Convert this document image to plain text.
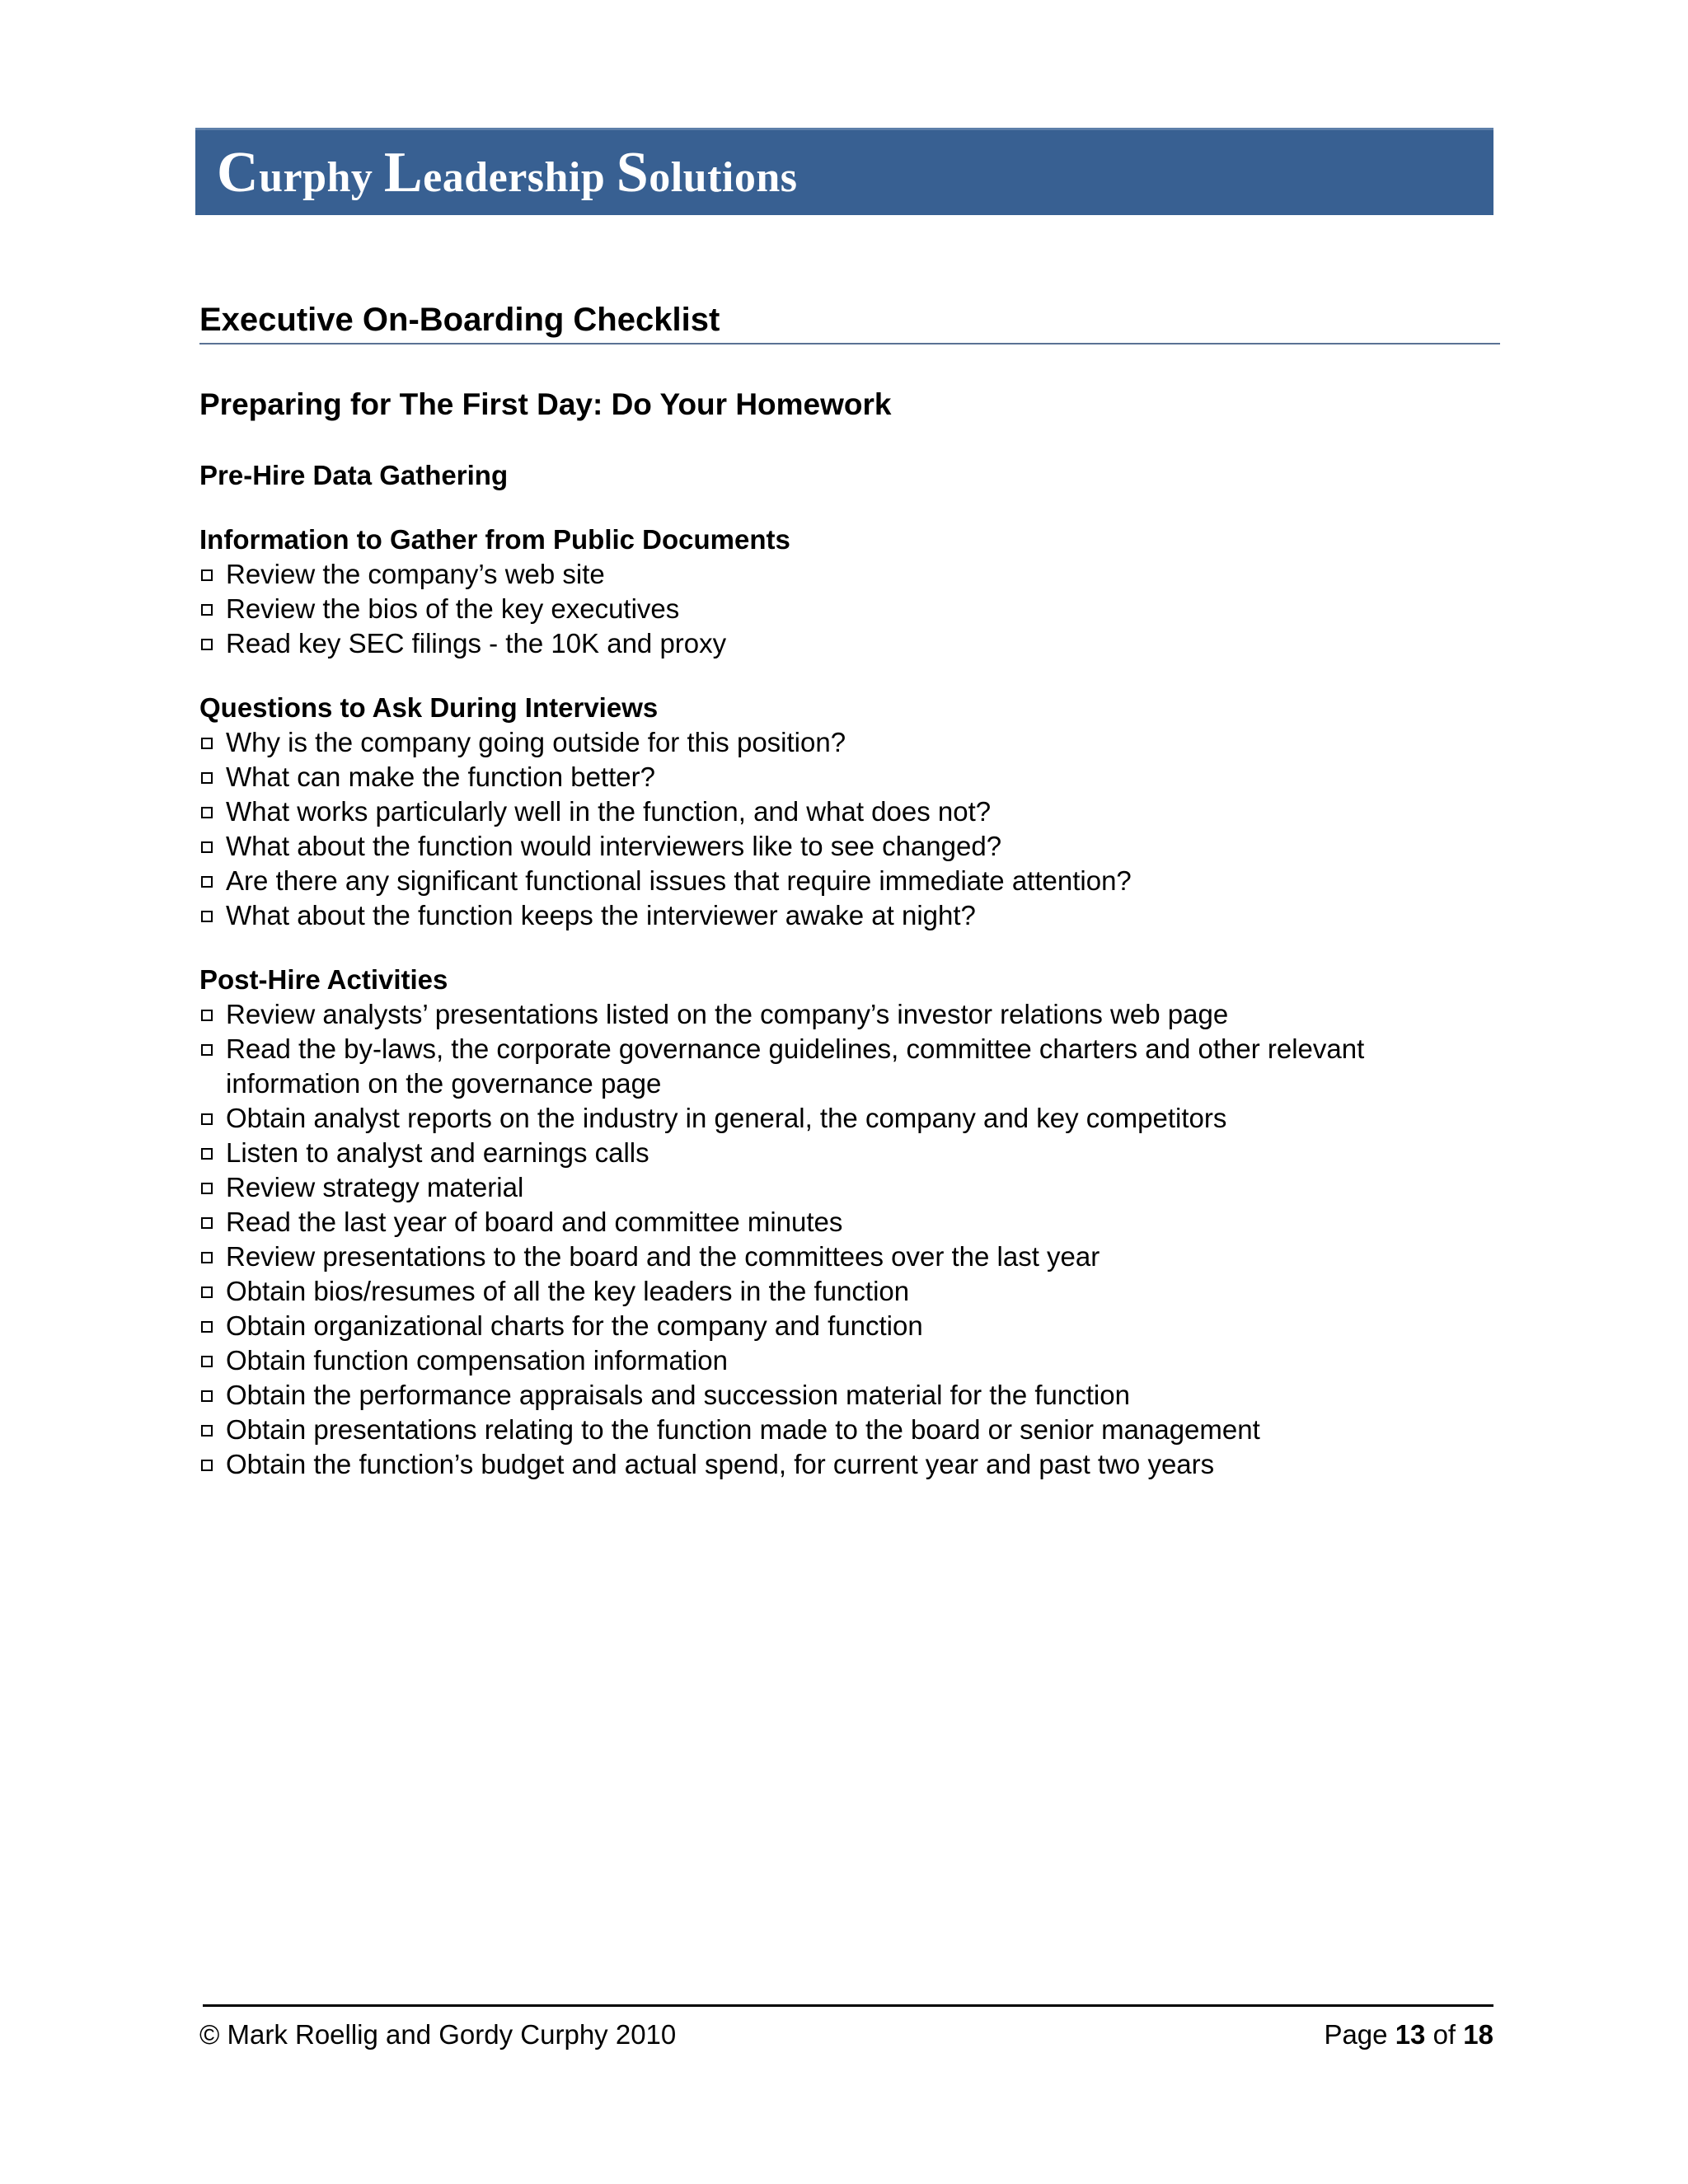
Curphy Leadership Solutions
Executive On-Boarding Checklist
Preparing for The First Day: Do Your Homework

Pre-Hire Data Gathering

Information to Gather from Public Documents

Review the company’s web site
Review the bios of the key executives
Read key SEC filings - the 10K and proxy

Questions to Ask During Interviews

Why is the company going outside for this position?
What can make the function better?
What works particularly well in the function, and what does not?
What about the function would interviewers like to see changed?
Are there any significant functional issues that require immediate attention?
What about the function keeps the interviewer awake at night?

Post-Hire Activities

Review analysts’ presentations listed on the company’s investor relations web page
Read the by-laws, the corporate governance guidelines, committee charters and other relevant information on the governance page
Obtain analyst reports on the industry in general, the company and key competitors
Listen to analyst and earnings calls
Review strategy material
Read the last year of board and committee minutes
Review presentations to the board and the committees over the last year
Obtain bios/resumes of all the key leaders in the function
Obtain organizational charts for the company and function
Obtain function compensation information
Obtain the performance appraisals and succession material for the function
Obtain presentations relating to the function made to the board or senior management
Obtain the function’s budget and actual spend, for current year and past two years
© Mark Roellig and Gordy Curphy 2010	Page 13 of 18
